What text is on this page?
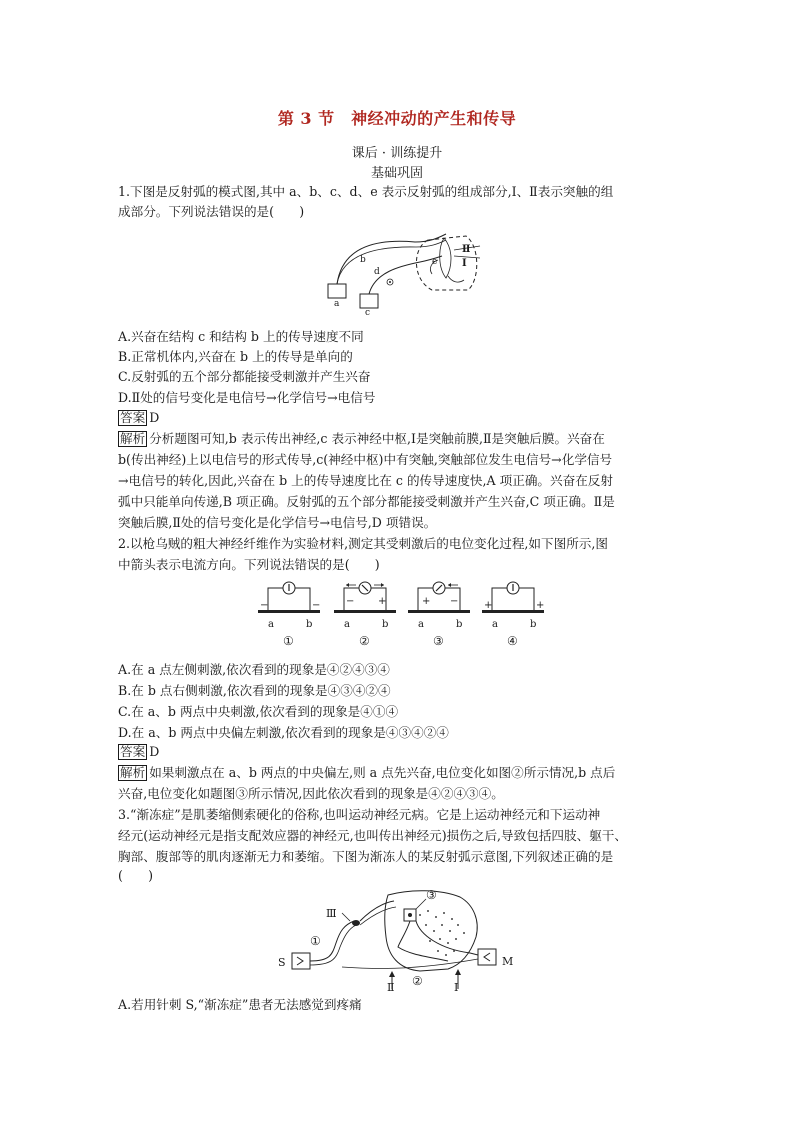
第 3 节　神经冲动的产生和传导
课后 · 训练提升
基础巩固
1.下图是反射弧的模式图,其中 a、b、c、d、e 表示反射弧的组成部分,Ⅰ、Ⅱ表示突触的组
成部分。下列说法错误的是(　　)
a
b
c
d
e Ⅰ
Ⅱ
A.兴奋在结构 c 和结构 b 上的传导速度不同
B.正常机体内,兴奋在 b 上的传导是单向的
C.反射弧的五个部分都能接受刺激并产生兴奋
D.Ⅱ处的信号变化是电信号→化学信号→电信号
答案 D
解析 分析题图可知,b 表示传出神经,c 表示神经中枢,Ⅰ是突触前膜,Ⅱ是突触后膜。兴奋在
b(传出神经)上以电信号的形式传导,c(神经中枢)中有突触,突触部位发生电信号→化学信号
→电信号的转化,因此,兴奋在 b 上的传导速度比在 c 的传导速度快,A 项正确。兴奋在反射
弧中只能单向传递,B 项正确。反射弧的五个部分都能接受刺激并产生兴奋,C 项正确。Ⅱ是
突触后膜,Ⅱ处的信号变化是化学信号→电信号,D 项错误。
2.以枪乌贼的粗大神经纤维作为实验材料,测定其受刺激后的电位变化过程,如下图所示,图
中箭头表示电流方向。下列说法错误的是(　　)
−	−
a	b
①
− +
a	b
②
+ −
a	b
③
+	+
a	b
④
A.在 a 点左侧刺激,依次看到的现象是④②④③④
B.在 b 点右侧刺激,依次看到的现象是④③④②④
C.在 a、b 两点中央刺激,依次看到的现象是④①④
D.在 a、b 两点中央偏左刺激,依次看到的现象是④③④②④
答案 D
解析 如果刺激点在 a、b 两点的中央偏左,则 a 点先兴奋,电位变化如图②所示情况,b 点后
兴奋,电位变化如题图③所示情况,因此依次看到的现象是④②④③④。
3.“渐冻症”是肌萎缩侧索硬化的俗称,也叫运动神经元病。它是上运动神经元和下运动神
经元(运动神经元是指支配效应器的神经元,也叫传出神经元)损伤之后,导致包括四肢、躯干、
胸部、腹部等的肌肉逐渐无力和萎缩。下图为渐冻人的某反射弧示意图,下列叙述正确的是
(　　)
Ⅲ
①
②
③
Ⅰ
Ⅱ
S	M
A.若用针刺 S,“渐冻症”患者无法感觉到疼痛
